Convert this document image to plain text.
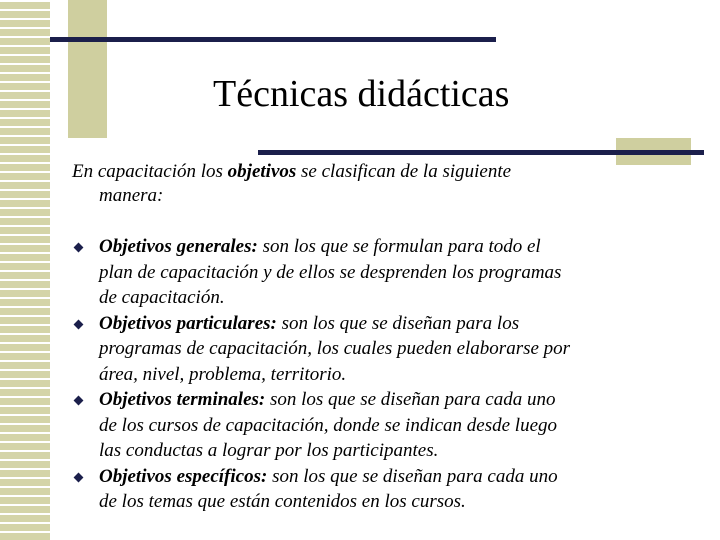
Técnicas didácticas
En capacitación los objetivos se clasifican de la siguiente
manera:
Objetivos generales: son los que se formulan para todo el
plan de capacitación y de ellos se desprenden los programas
de capacitación.
Objetivos particulares: son los que se diseñan para los
programas de capacitación, los cuales pueden elaborarse por
área, nivel, problema, territorio.
Objetivos terminales: son los que se diseñan para cada uno
de los cursos de capacitación, donde se indican desde luego
las conductas a lograr por los participantes.
Objetivos específicos: son los que se diseñan para cada uno
de los temas que están contenidos en los cursos.
